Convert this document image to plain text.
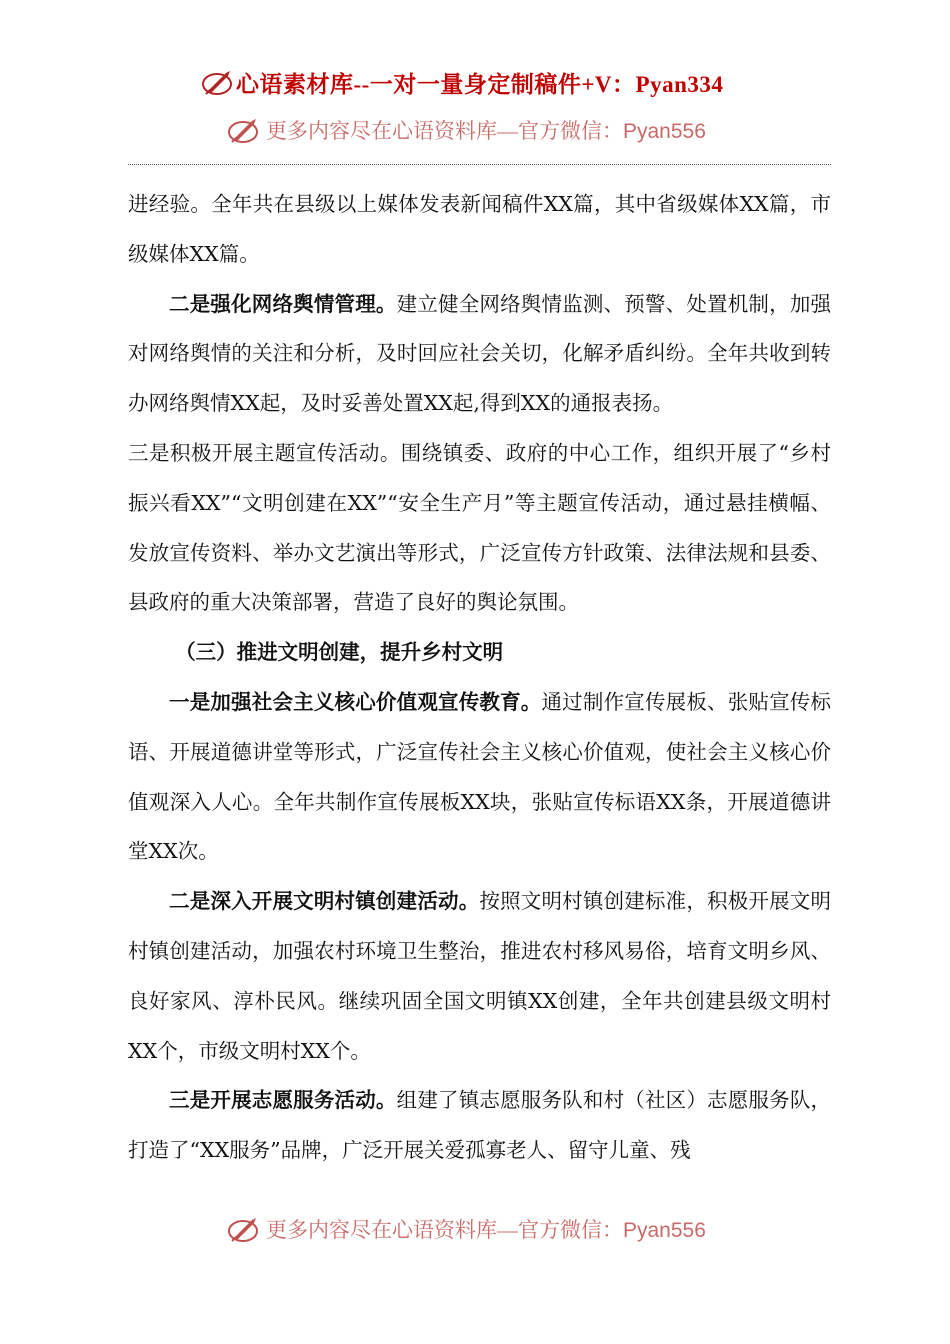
心语素材库--一对一量身定制稿件+V：Pyan334
更多内容尽在心语资料库—官方微信：Pyan556

进经验。全年共在县级以上媒体发表新闻稿件XX篇，其中省级媒体XX篇，市级媒体XX篇。

二是强化网络舆情管理。建立健全网络舆情监测、预警、处置机制，加强对网络舆情的关注和分析，及时回应社会关切，化解矛盾纠纷。全年共收到转办网络舆情XX起，及时妥善处置XX起,得到XX的通报表扬。

三是积极开展主题宣传活动。围绕镇委、政府的中心工作，组织开展了“乡村振兴看XX”“文明创建在XX”“安全生产月”等主题宣传活动，通过悬挂横幅、发放宣传资料、举办文艺演出等形式，广泛宣传方针政策、法律法规和县委、县政府的重大决策部署，营造了良好的舆论氛围。

（三）推进文明创建，提升乡村文明

一是加强社会主义核心价值观宣传教育。通过制作宣传展板、张贴宣传标语、开展道德讲堂等形式，广泛宣传社会主义核心价值观，使社会主义核心价值观深入人心。全年共制作宣传展板XX块，张贴宣传标语XX条，开展道德讲堂XX次。

二是深入开展文明村镇创建活动。按照文明村镇创建标准，积极开展文明村镇创建活动，加强农村环境卫生整治，推进农村移风易俗，培育文明乡风、良好家风、淳朴民风。继续巩固全国文明镇XX创建，全年共创建县级文明村XX个，市级文明村XX个。

三是开展志愿服务活动。组建了镇志愿服务队和村（社区）志愿服务队，打造了“XX服务”品牌，广泛开展关爱孤寡老人、留守儿童、残

更多内容尽在心语资料库—官方微信：Pyan556
